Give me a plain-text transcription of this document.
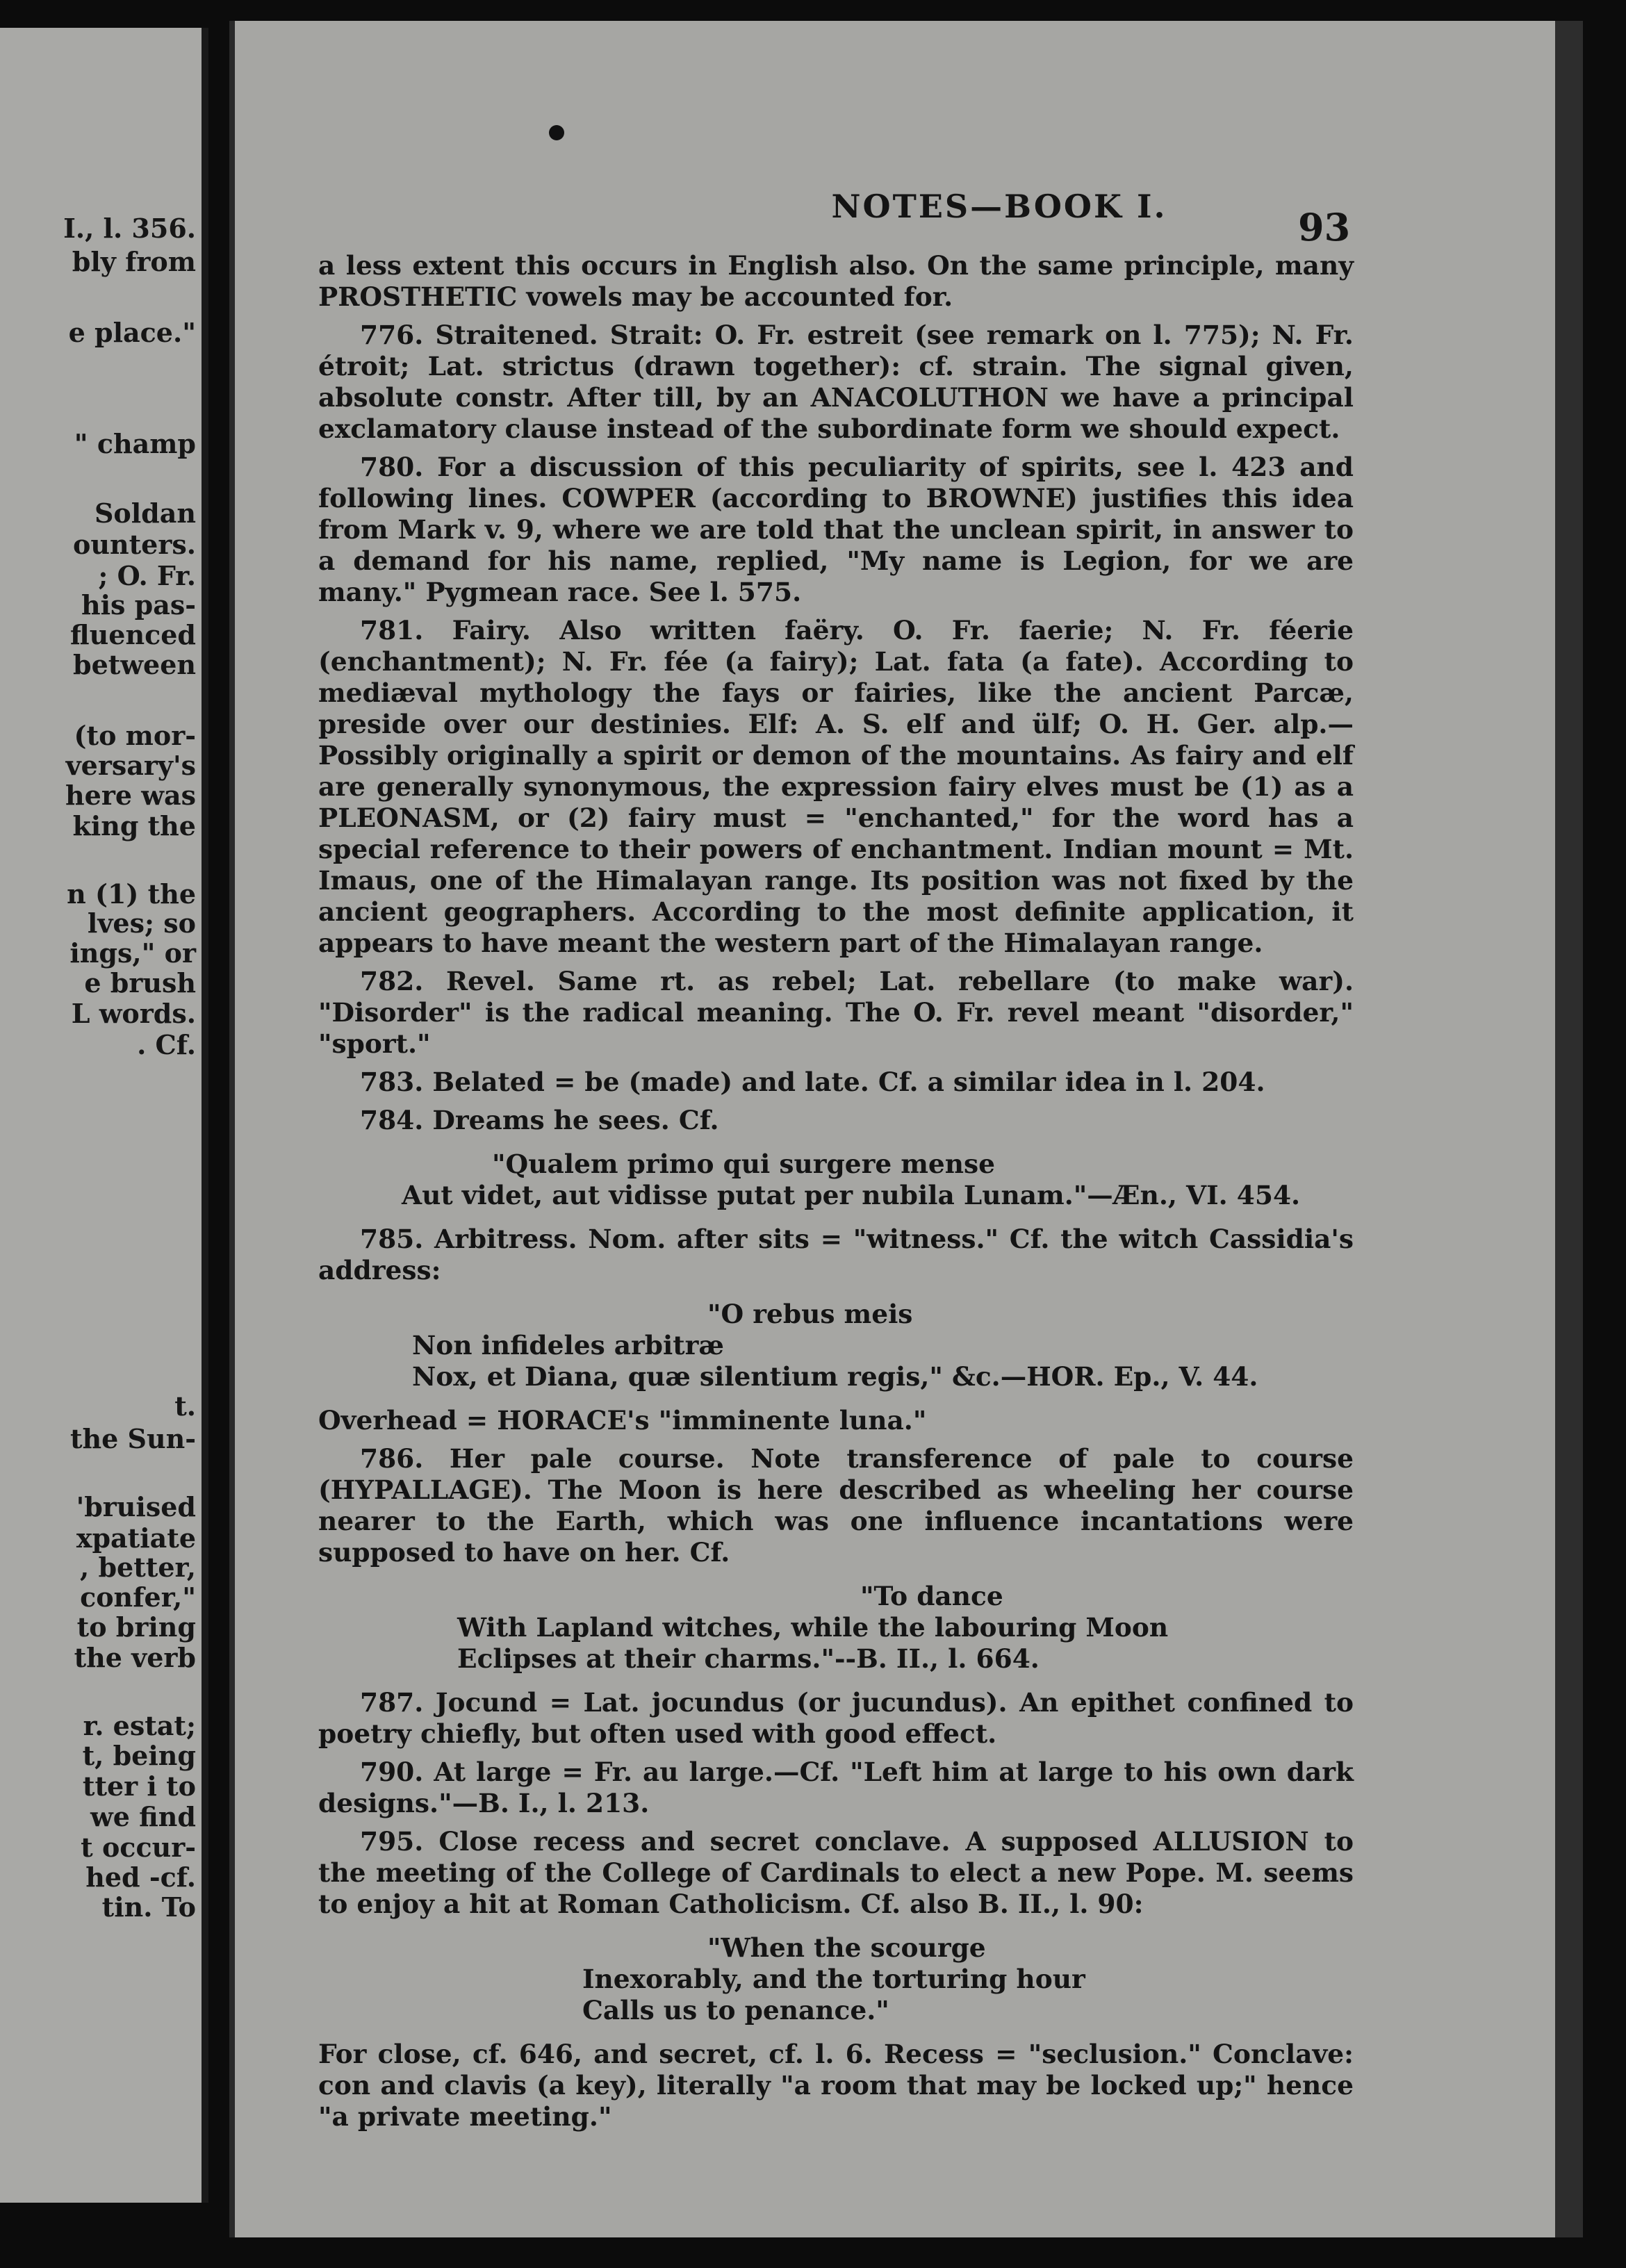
I., l. 356.
bly from
e place."
" champ
Soldan
ounters.
; O. Fr.
his pas-
fluenced
between
(to mor-
versary's
here was
king the
n (1) the
lves; so
ings," or
e brush
L words.
. Cf.
t.
the Sun-
'bruised
xpatiate
, better,
confer,"
to bring
the verb
r. estat;
t, being
tter i to
we find
t occur-
hed -cf.
tin. To
NOTES—BOOK I.	93

a less extent this occurs in English also. On the same principle, many PROSTHETIC vowels may be accounted for.

776. Straitened. Strait: O. Fr. estreit (see remark on l. 775); N. Fr. étroit; Lat. strictus (drawn together): cf. strain. The signal given, absolute constr. After till, by an ANACOLUTHON we have a principal exclamatory clause instead of the subordinate form we should expect.

780. For a discussion of this peculiarity of spirits, see l. 423 and following lines. COWPER (according to BROWNE) justifies this idea from Mark v. 9, where we are told that the unclean spirit, in answer to a demand for his name, replied, "My name is Legion, for we are many." Pygmean race. See l. 575.

781. Fairy. Also written faëry. O. Fr. faerie; N. Fr. féerie (enchantment); N. Fr. fée (a fairy); Lat. fata (a fate). According to mediæval mythology the fays or fairies, like the ancient Parcæ, preside over our destinies. Elf: A. S. elf and ülf; O. H. Ger. alp.—Possibly originally a spirit or demon of the mountains. As fairy and elf are generally synonymous, the expression fairy elves must be (1) as a PLEONASM, or (2) fairy must = "enchanted," for the word has a special reference to their powers of enchantment. Indian mount = Mt. Imaus, one of the Himalayan range. Its position was not fixed by the ancient geographers. According to the most definite application, it appears to have meant the western part of the Himalayan range.

782. Revel. Same rt. as rebel; Lat. rebellare (to make war). "Disorder" is the radical meaning. The O. Fr. revel meant "disorder," "sport."

783. Belated = be (made) and late. Cf. a similar idea in l. 204.

784. Dreams he sees. Cf.

"Qualem primo qui surgere mense
Aut videt, aut vidisse putat per nubila Lunam."—Æn., VI. 454.

785. Arbitress. Nom. after sits = "witness." Cf. the witch Cassidia's address:

"O rebus meis
Non infideles arbitræ
Nox, et Diana, quæ silentium regis," &c.—HOR. Ep., V. 44.

Overhead = HORACE's "imminente luna."

786. Her pale course. Note transference of pale to course (HYPALLAGE). The Moon is here described as wheeling her course nearer to the Earth, which was one influence incantations were supposed to have on her. Cf.

"To dance
With Lapland witches, while the labouring Moon
Eclipses at their charms."--B. II., l. 664.

787. Jocund = Lat. jocundus (or jucundus). An epithet confined to poetry chiefly, but often used with good effect.

790. At large = Fr. au large.—Cf. "Left him at large to his own dark designs."—B. I., l. 213.

795. Close recess and secret conclave. A supposed ALLUSION to the meeting of the College of Cardinals to elect a new Pope. M. seems to enjoy a hit at Roman Catholicism. Cf. also B. II., l. 90:

"When the scourge
Inexorably, and the torturing hour
Calls us to penance."

For close, cf. 646, and secret, cf. l. 6. Recess = "seclusion." Conclave: con and clavis (a key), literally "a room that may be locked up;" hence "a private meeting."
